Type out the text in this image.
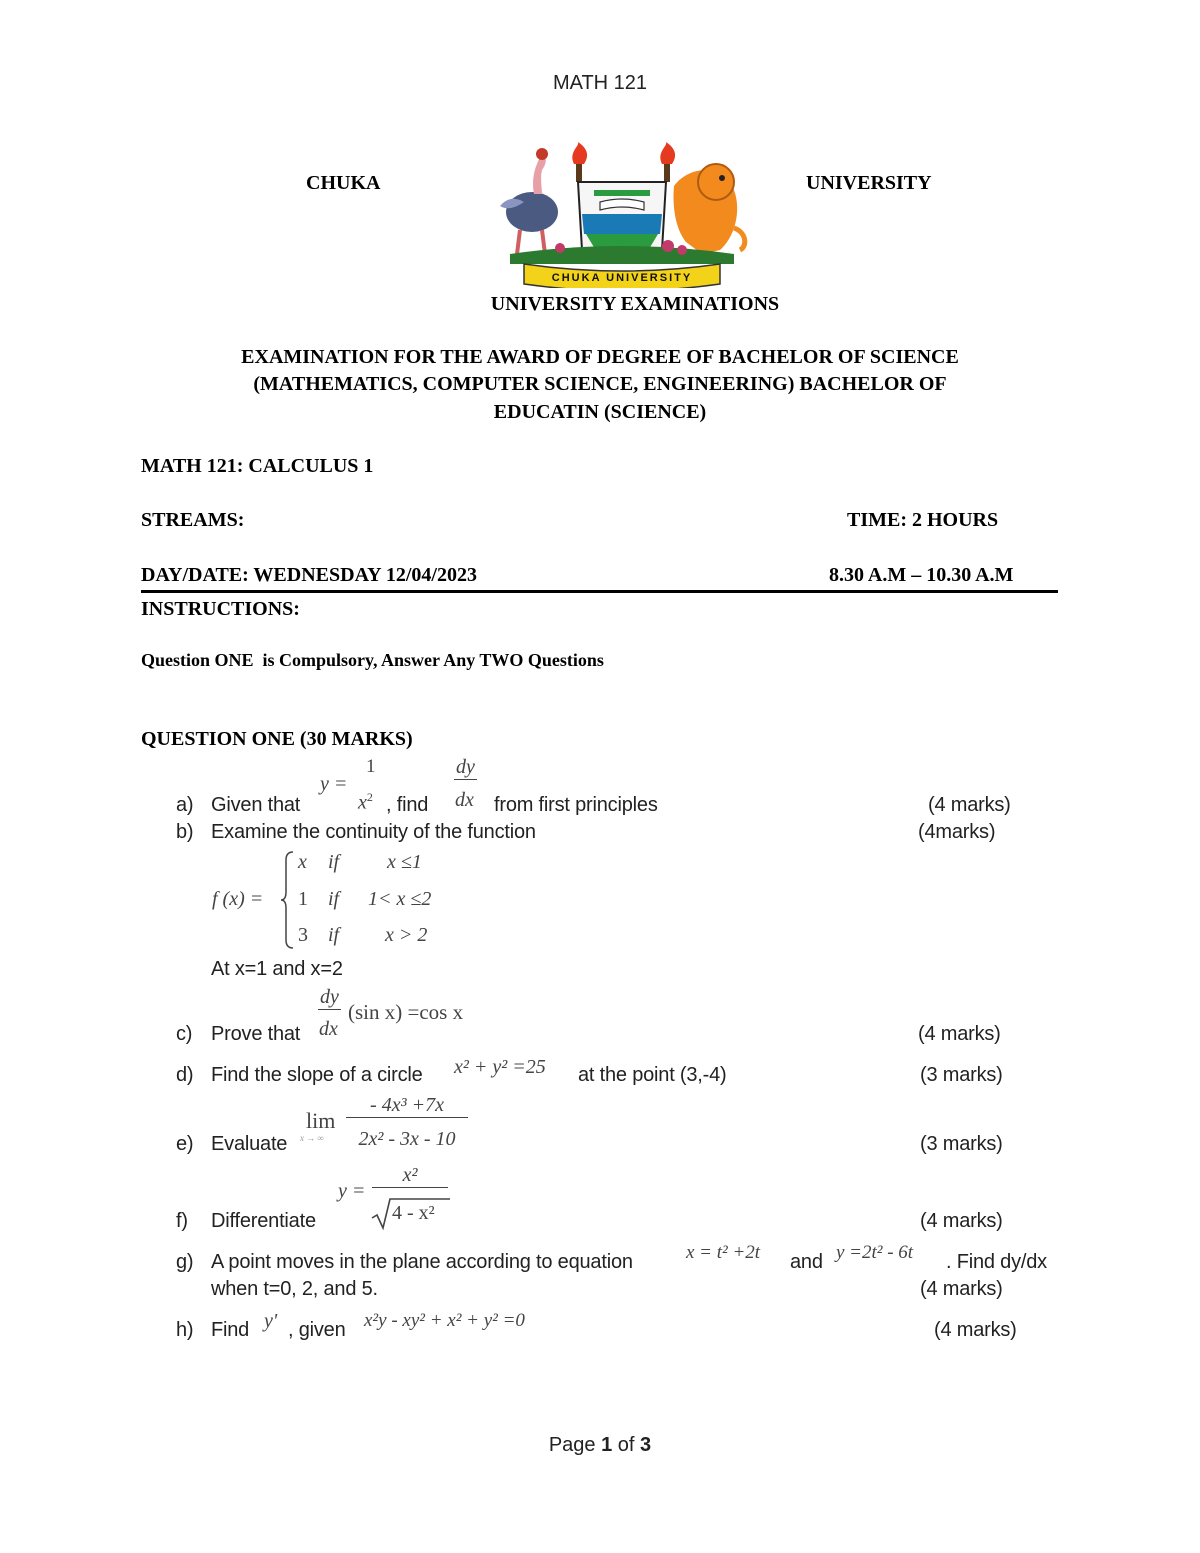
MATH 121
CHUKA	UNIVERSITY
CHUKA UNIVERSITY
UNIVERSITY EXAMINATIONS
EXAMINATION FOR THE AWARD OF DEGREE OF BACHELOR OF SCIENCE
(MATHEMATICS, COMPUTER SCIENCE, ENGINEERING) BACHELOR OF
EDUCATIN (SCIENCE)
MATH 121: CALCULUS 1
STREAMS:	TIME: 2 HOURS
DAY/DATE: WEDNESDAY 12/04/2023	8.30 A.M – 10.30 A.M
INSTRUCTIONS:
Question ONE  is Compulsory, Answer Any TWO Questions
QUESTION ONE (30 MARKS)
a) Given that
y =
1
$x^2$ , find
dy
dx from first principles	(4 marks)
b) Examine the continuity of the function	(4marks)
f (x) =
x if x ≤1
1 if 1< x ≤2
3 if x > 2
At x=1 and x=2
dy
dx
(sin x) =cos x
c) Prove that	(4 marks)
d) Find the slope of a circle x² + y² =25 at the point (3,-4)	(3 marks)
lim
x → ∞
- 4x³ +7x
2x² - 3x - 10
e) Evaluate	(3 marks)
y =
x²
4 - x²
f) Differentiate	(4 marks)
g) A point moves in the plane according to equation	x = t² +2t and y =2t² - 6t . Find dy/dx
when t=0, 2, and 5.	(4 marks)
h) Find y' , given x²y - xy² + x² + y² =0	(4 marks)
Page 1 of 3
